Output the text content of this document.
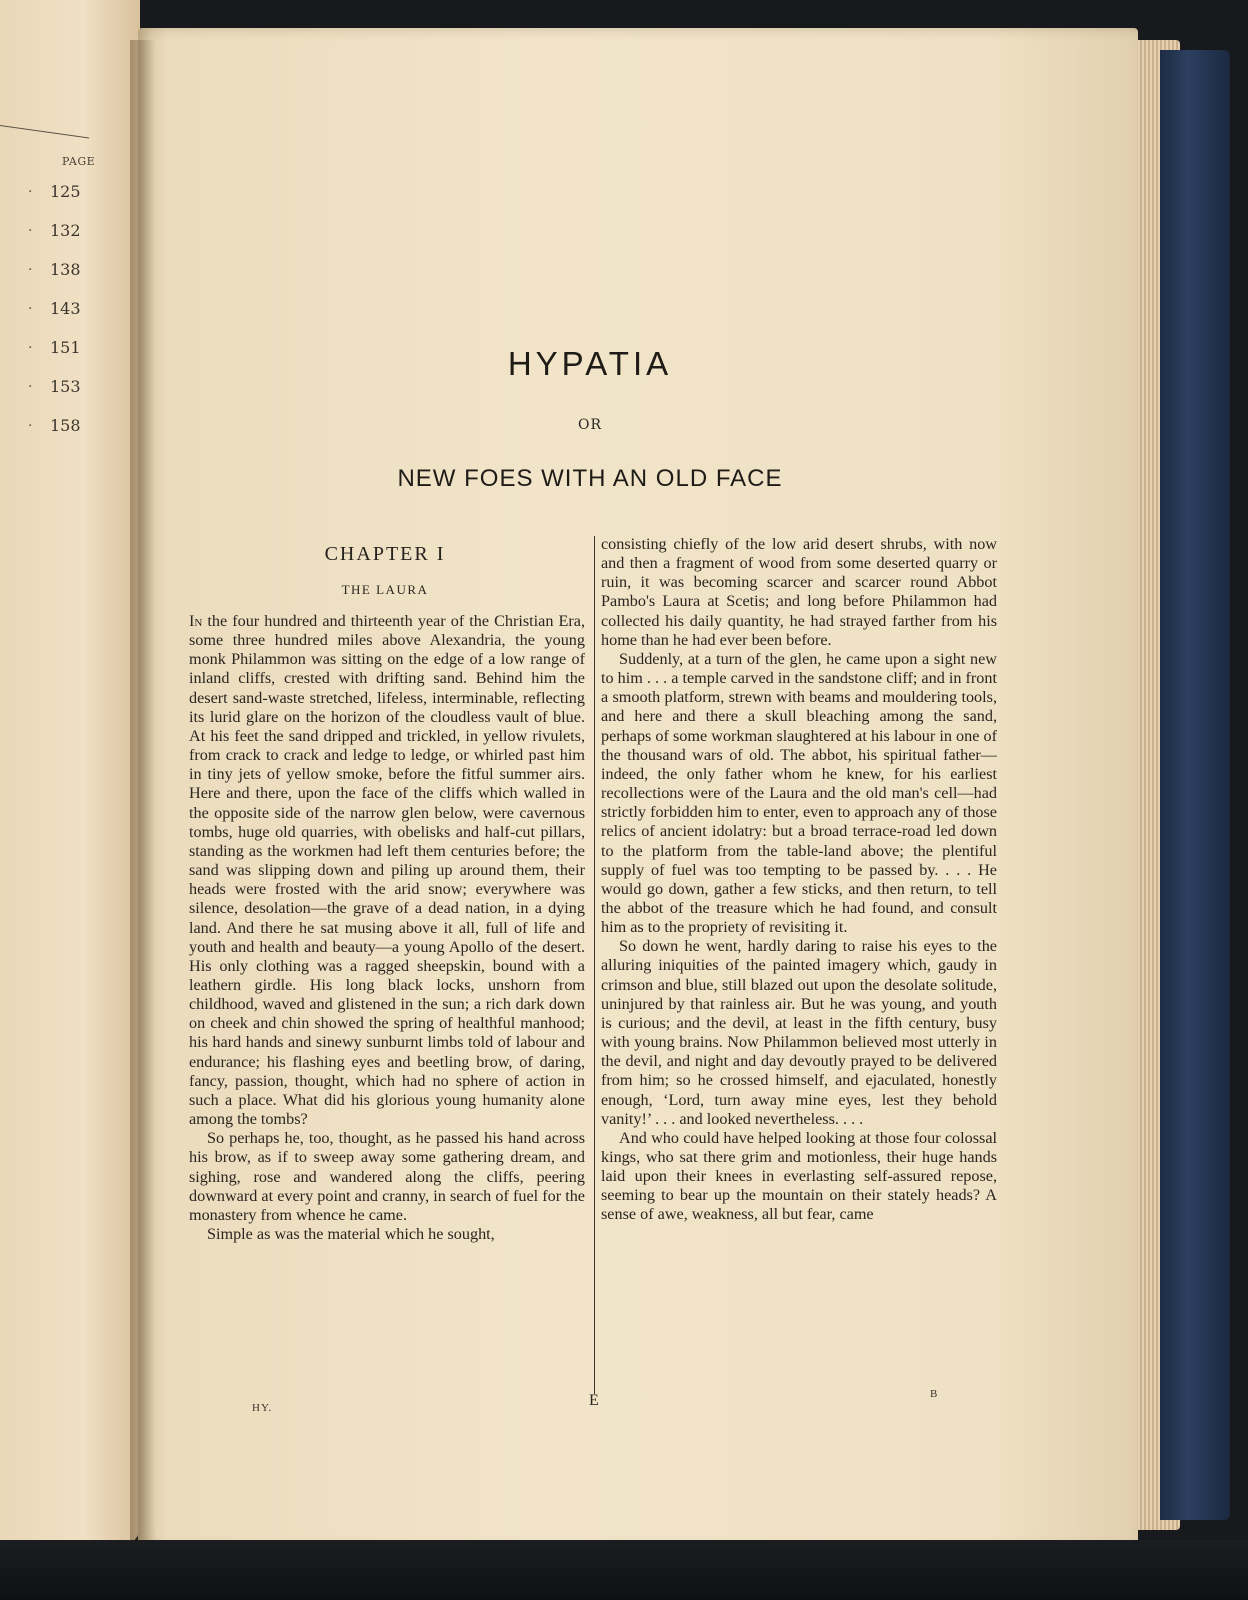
PAGE
·	125
·	132
·	138
·	143
·	151
·	153
·	158
HYPATIA
OR
NEW FOES WITH AN OLD FACE
CHAPTER I
THE LAURA

In the four hundred and thirteenth year of the Christian Era, some three hundred miles above Alexandria, the young monk Philammon was sitting on the edge of a low range of inland cliffs, crested with drifting sand. Behind him the desert sand-waste stretched, lifeless, interminable, reflecting its lurid glare on the horizon of the cloudless vault of blue. At his feet the sand dripped and trickled, in yellow rivulets, from crack to crack and ledge to ledge, or whirled past him in tiny jets of yellow smoke, before the fitful summer airs. Here and there, upon the face of the cliffs which walled in the opposite side of the narrow glen below, were cavernous tombs, huge old quarries, with obelisks and half-cut pillars, standing as the workmen had left them centuries before; the sand was slipping down and piling up around them, their heads were frosted with the arid snow; everywhere was silence, desolation—the grave of a dead nation, in a dying land. And there he sat musing above it all, full of life and youth and health and beauty—a young Apollo of the desert. His only clothing was a ragged sheepskin, bound with a leathern girdle. His long black locks, unshorn from childhood, waved and glistened in the sun; a rich dark down on cheek and chin showed the spring of healthful manhood; his hard hands and sinewy sunburnt limbs told of labour and endurance; his flashing eyes and beetling brow, of daring, fancy, passion, thought, which had no sphere of action in such a place. What did his glorious young humanity alone among the tombs?

So perhaps he, too, thought, as he passed his hand across his brow, as if to sweep away some gathering dream, and sighing, rose and wandered along the cliffs, peering downward at every point and cranny, in search of fuel for the monastery from whence he came.

Simple as was the material which he sought,

consisting chiefly of the low arid desert shrubs, with now and then a fragment of wood from some deserted quarry or ruin, it was becoming scarcer and scarcer round Abbot Pambo's Laura at Scetis; and long before Philammon had collected his daily quantity, he had strayed farther from his home than he had ever been before.

Suddenly, at a turn of the glen, he came upon a sight new to him . . . a temple carved in the sandstone cliff; and in front a smooth platform, strewn with beams and mouldering tools, and here and there a skull bleaching among the sand, perhaps of some workman slaughtered at his labour in one of the thousand wars of old. The abbot, his spiritual father—indeed, the only father whom he knew, for his earliest recollections were of the Laura and the old man's cell—had strictly forbidden him to enter, even to approach any of those relics of ancient idolatry: but a broad terrace-road led down to the platform from the table-land above; the plentiful supply of fuel was too tempting to be passed by. . . . He would go down, gather a few sticks, and then return, to tell the abbot of the treasure which he had found, and consult him as to the propriety of revisiting it.

So down he went, hardly daring to raise his eyes to the alluring iniquities of the painted imagery which, gaudy in crimson and blue, still blazed out upon the desolate solitude, uninjured by that rainless air. But he was young, and youth is curious; and the devil, at least in the fifth century, busy with young brains. Now Philammon believed most utterly in the devil, and night and day devoutly prayed to be delivered from him; so he crossed himself, and ejaculated, honestly enough, ‘Lord, turn away mine eyes, lest they behold vanity!’ . . . and looked nevertheless. . . .

And who could have helped looking at those four colossal kings, who sat there grim and motionless, their huge hands laid upon their knees in everlasting self-assured repose, seeming to bear up the mountain on their stately heads? A sense of awe, weakness, all but fear, came

HY.	E	B
